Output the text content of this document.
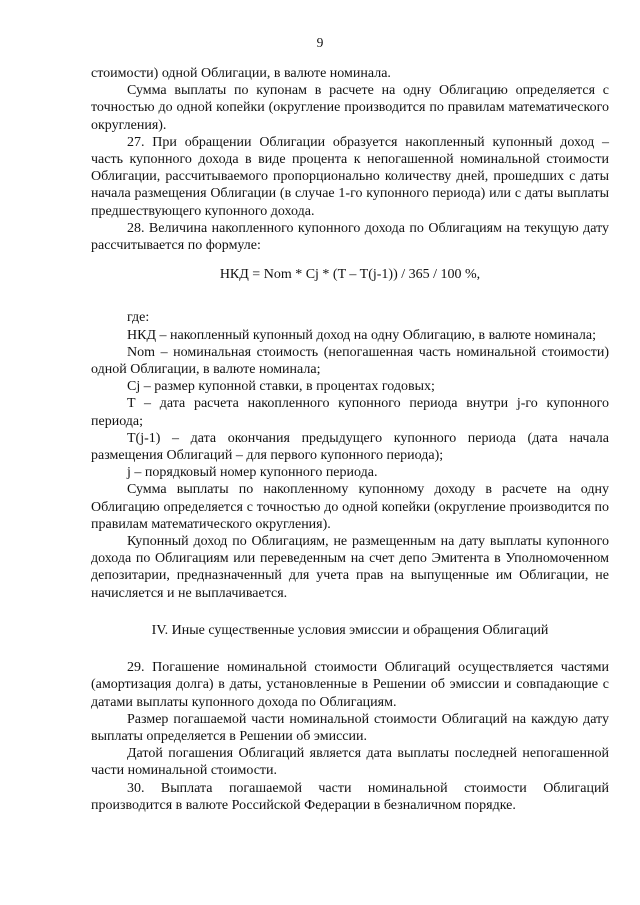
9

стоимости) одной Облигации, в валюте номинала.

Сумма выплаты по купонам в расчете на одну Облигацию определяется с точностью до одной копейки (округление производится по правилам математического округления).

27. При обращении Облигации образуется накопленный купонный доход – часть купонного дохода в виде процента к непогашенной номинальной стоимости Облигации, рассчитываемого пропорционально количеству дней, прошедших с даты начала размещения Облигации (в случае 1-го купонного периода) или с даты выплаты предшествующего купонного дохода.

28. Величина накопленного купонного дохода по Облигациям на текущую дату рассчитывается по формуле:

НКД = Nom * Cj * (T – T(j-1)) / 365 / 100 %,

где:

НКД – накопленный купонный доход на одну Облигацию, в валюте номинала;

Nom – номинальная стоимость (непогашенная часть номинальной стоимости) одной Облигации, в валюте номинала;

Cj – размер купонной ставки, в процентах годовых;

T – дата расчета накопленного купонного периода внутри j-го купонного периода;

T(j-1) – дата окончания предыдущего купонного периода (дата начала размещения Облигаций – для первого купонного периода);

j – порядковый номер купонного периода.

Сумма выплаты по накопленному купонному доходу в расчете на одну Облигацию определяется с точностью до одной копейки (округление производится по правилам математического округления).

Купонный доход по Облигациям, не размещенным на дату выплаты купонного дохода по Облигациям или переведенным на счет депо Эмитента в Уполномоченном депозитарии, предназначенный для учета прав на выпущенные им Облигации, не начисляется и не выплачивается.

IV. Иные существенные условия эмиссии и обращения Облигаций

29. Погашение номинальной стоимости Облигаций осуществляется частями (амортизация долга) в даты, установленные в Решении об эмиссии и совпадающие с датами выплаты купонного дохода по Облигациям.

Размер погашаемой части номинальной стоимости Облигаций на каждую дату выплаты определяется в Решении об эмиссии.

Датой погашения Облигаций является дата выплаты последней непогашенной части номинальной стоимости.

30. Выплата погашаемой части номинальной стоимости Облигаций производится в валюте Российской Федерации в безналичном порядке.
